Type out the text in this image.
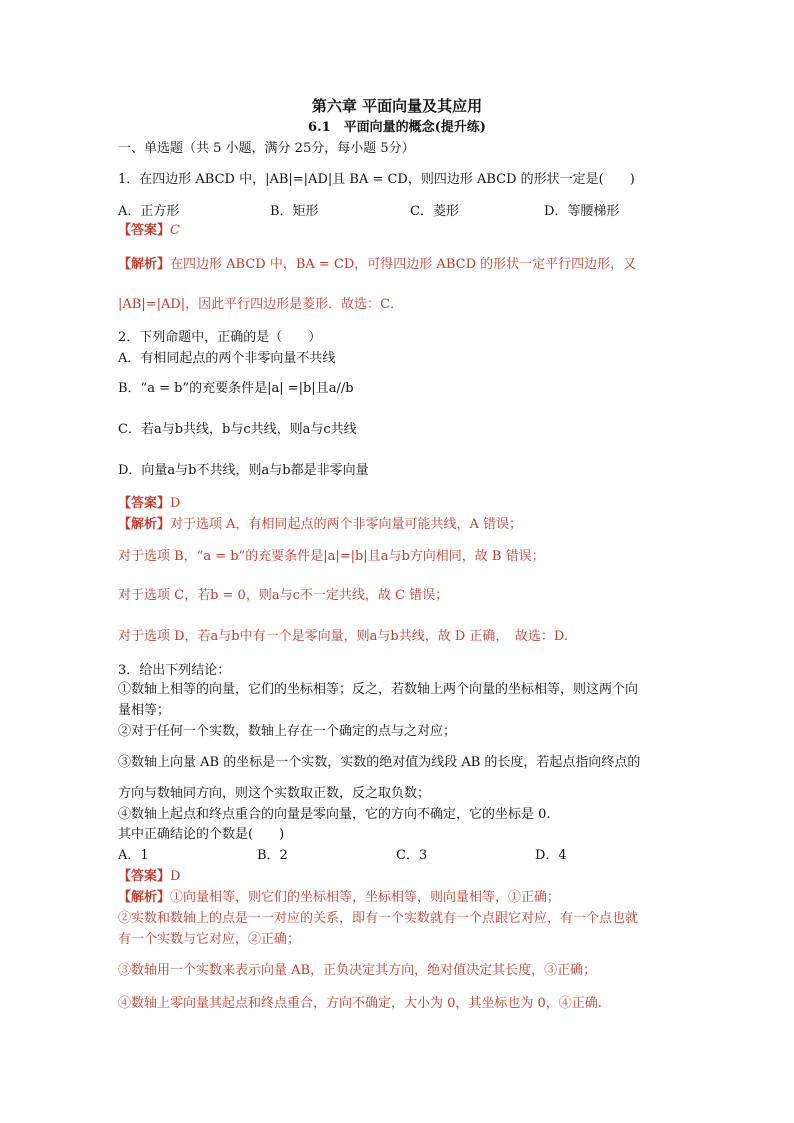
第六章 平面向量及其应用
6.1　平面向量的概念(提升练)
一、单选题（共 5 小题，满分 25分，每小题 5分）
1．在四边形 ABCD 中，|AB|=|AD|且 BA = CD，则四边形 ABCD 的形状一定是(　　)
A．正方形	B．矩形	C．菱形	D．等腰梯形
【答案】C
【解析】在四边形 ABCD 中，BA = CD，可得四边形 ABCD 的形状一定平行四边形，又
|AB|=|AD|，因此平行四边形是菱形．故选：C．
2．下列命题中，正确的是（　　）
A．有相同起点的两个非零向量不共线
B．“a = b”的充要条件是|a| =|b|且a//b
C．若a与b共线，b与c共线，则a与c共线
D．向量a与b不共线，则a与b都是非零向量
【答案】D
【解析】对于选项 A，有相同起点的两个非零向量可能共线，A 错误；
对于选项 B，“a = b”的充要条件是|a|=|b|且a与b方向相同，故 B 错误；
对于选项 C，若b = 0，则a与c不一定共线，故 C 错误；
对于选项 D，若a与b中有一个是零向量，则a与b共线，故 D 正确，　故选：D.
3．给出下列结论：
①数轴上相等的向量，它们的坐标相等；反之，若数轴上两个向量的坐标相等，则这两个向
量相等；
②对于任何一个实数，数轴上存在一个确定的点与之对应；
③数轴上向量 AB 的坐标是一个实数，实数的绝对值为线段 AB 的长度，若起点指向终点的
方向与数轴同方向，则这个实数取正数，反之取负数；
④数轴上起点和终点重合的向量是零向量，它的方向不确定，它的坐标是 0.
其中正确结论的个数是(　　)
A．1	B．2	C．3	D．4
【答案】D
【解析】①向量相等，则它们的坐标相等，坐标相等，则向量相等，①正确；
②实数和数轴上的点是一一对应的关系，即有一个实数就有一个点跟它对应，有一个点也就
有一个实数与它对应，②正确；
③数轴用一个实数来表示向量 AB，正负决定其方向，绝对值决定其长度，③正确；
④数轴上零向量其起点和终点重合，方向不确定，大小为 0，其坐标也为 0，④正确.
